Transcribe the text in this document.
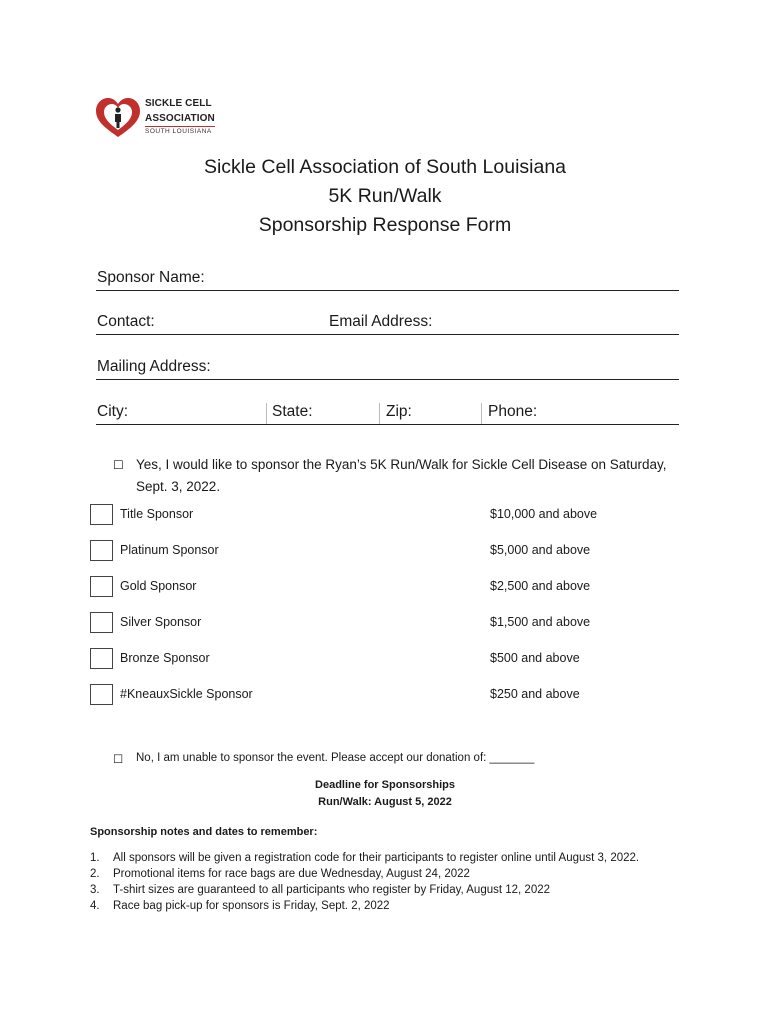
SICKLE CELL
ASSOCIATION
SOUTH LOUISIANA
Sickle Cell Association of South Louisiana
5K Run/Walk
Sponsorship Response Form
Sponsor Name:
Contact:	Email Address:
Mailing Address:
City:	State:	Zip:	Phone:
☐ Yes, I would like to sponsor the Ryan’s 5K Run/Walk for Sickle Cell Disease on Saturday, Sept. 3, 2022.
Title Sponsor	$10,000 and above
Platinum Sponsor	$5,000 and above
Gold Sponsor	$2,500 and above
Silver Sponsor	$1,500 and above
Bronze Sponsor	$500 and above
#KneauxSickle Sponsor	$250 and above
☐ No, I am unable to sponsor the event. Please accept our donation of: _______
Deadline for Sponsorships
Run/Walk: August 5, 2022
Sponsorship notes and dates to remember:
1. All sponsors will be given a registration code for their participants to register online until August 3, 2022.
2. Promotional items for race bags are due Wednesday, August 24, 2022
3. T-shirt sizes are guaranteed to all participants who register by Friday, August 12, 2022
4. Race bag pick-up for sponsors is Friday, Sept. 2, 2022
